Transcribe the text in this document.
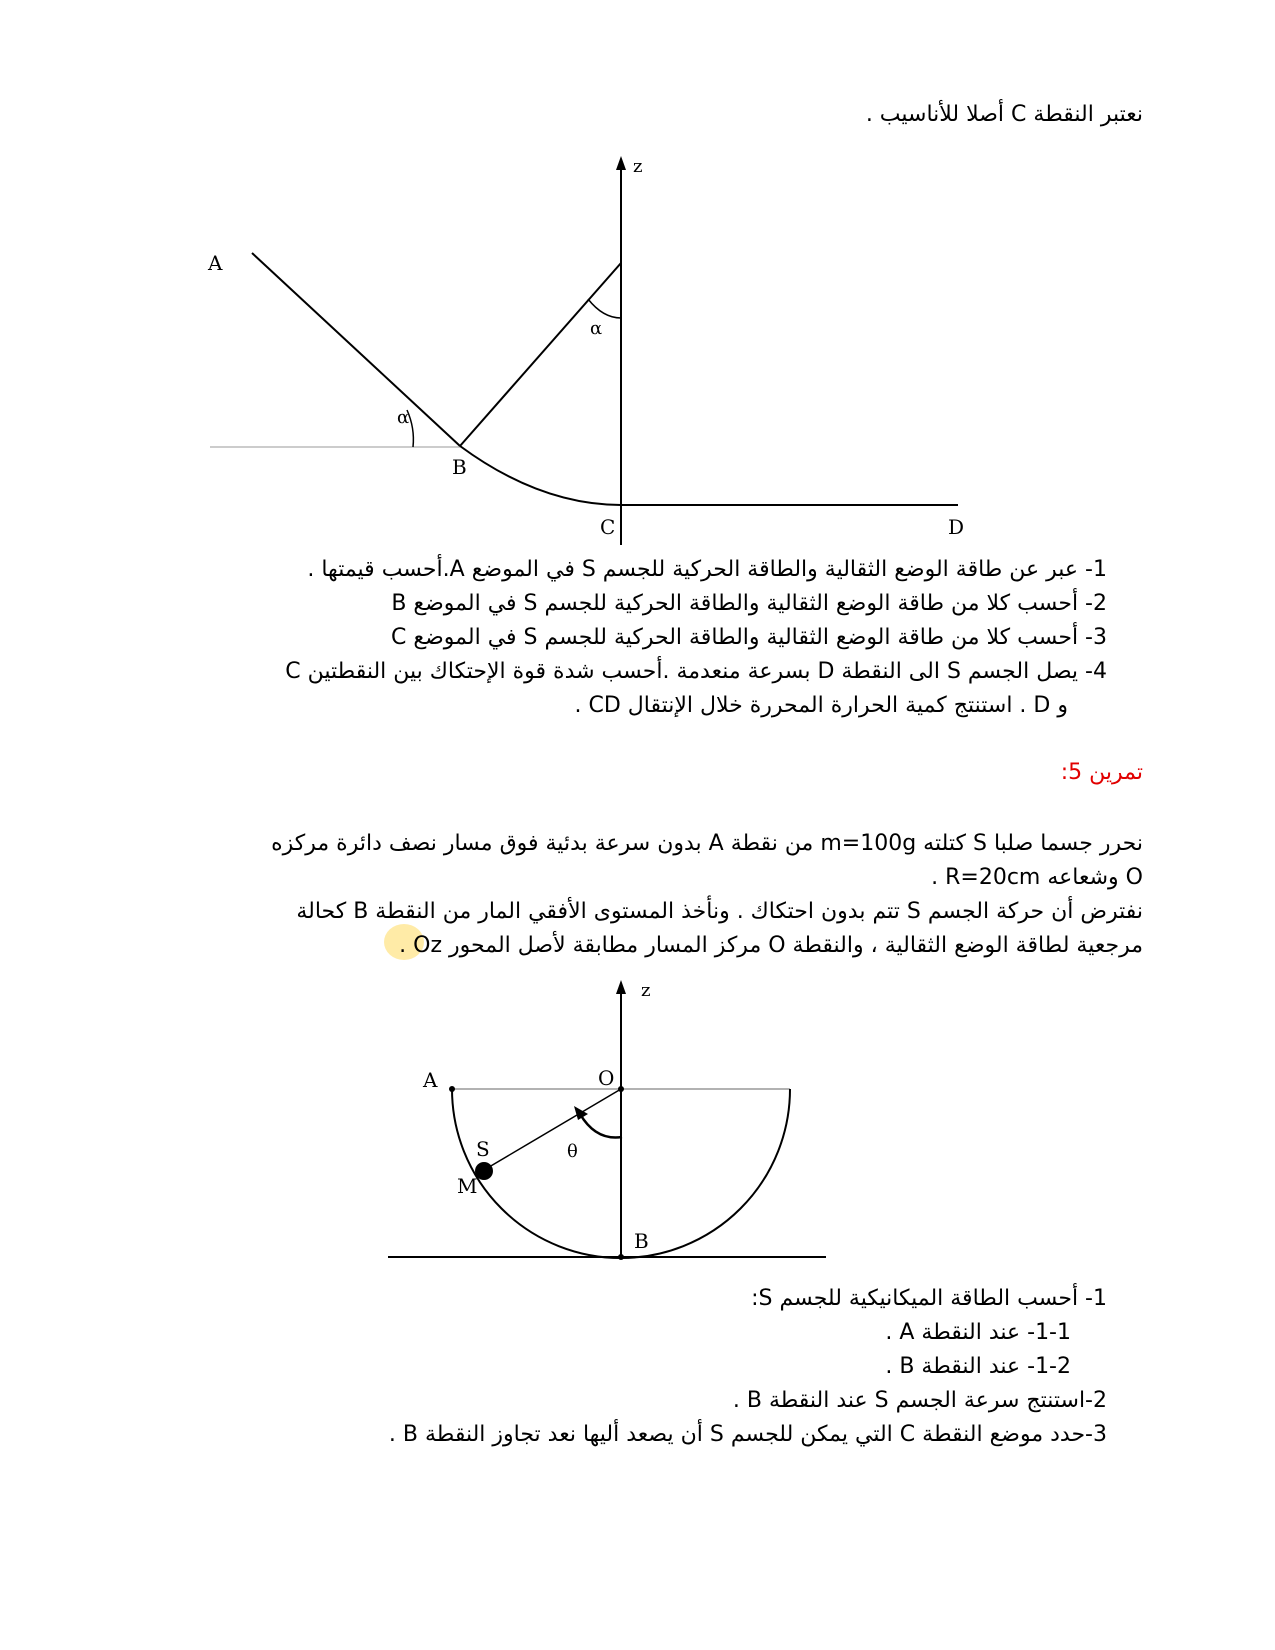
نعتبر النقطة C أصلا للأناسيب .
A
B
C	D
z
α
α
1- عبر عن طاقة الوضع الثقالية والطاقة الحركية للجسم S في الموضع A.أحسب قيمتها .
2- أحسب كلا من طاقة الوضع الثقالية والطاقة الحركية للجسم S في الموضع B
3- أحسب كلا من طاقة الوضع الثقالية والطاقة الحركية للجسم S في الموضع C
4- يصل الجسم S الى النقطة D بسرعة منعدمة .أحسب شدة قوة الإحتكاك بين النقطتين C
و D . استنتج كمية الحرارة المحررة خلال الإنتقال CD .
تمرين 5:
نحرر جسما صلبا S كتلته m=100g من نقطة A بدون سرعة بدئية فوق مسار نصف دائرة مركزه
O وشعاعه R=20cm .
نفترض أن حركة الجسم S تتم بدون احتكاك . ونأخذ المستوى الأفقي المار من النقطة B كحالة
مرجعية لطاقة الوضع الثقالية ، والنقطة O مركز المسار مطابقة لأصل المحور Oz .
A	O
S
M
B
z
θ
1- أحسب الطاقة الميكانيكية للجسم S:
1-1- عند النقطة A .
1-2- عند النقطة B .
2-استنتج سرعة الجسم S عند النقطة B .
3-حدد موضع النقطة C التي يمكن للجسم S أن يصعد أليها نعد تجاوز النقطة B .
